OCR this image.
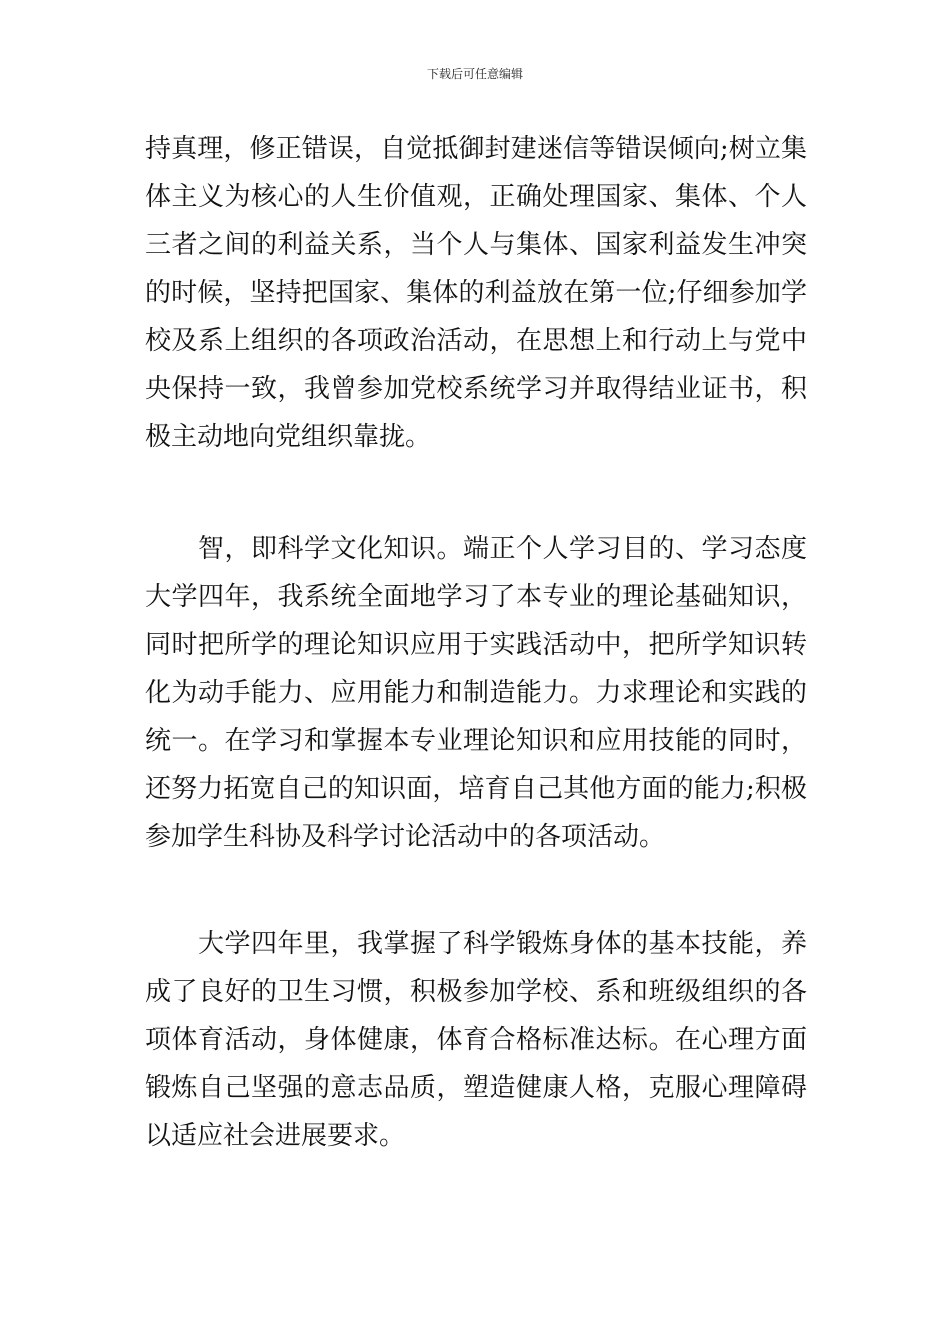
下载后可任意编辑
持真理，修正错误，自觉抵御封建迷信等错误倾向;树立集
体主义为核心的人生价值观，正确处理国家、集体、个人
三者之间的利益关系，当个人与集体、国家利益发生冲突
的时候，坚持把国家、集体的利益放在第一位;仔细参加学
校及系上组织的各项政治活动，在思想上和行动上与党中
央保持一致，我曾参加党校系统学习并取得结业证书，积
极主动地向党组织靠拢。
智，即科学文化知识。端正个人学习目的、学习态度
大学四年，我系统全面地学习了本专业的理论基础知识，
同时把所学的理论知识应用于实践活动中，把所学知识转
化为动手能力、应用能力和制造能力。力求理论和实践的
统一。在学习和掌握本专业理论知识和应用技能的同时，
还努力拓宽自己的知识面，培育自己其他方面的能力;积极
参加学生科协及科学讨论活动中的各项活动。
大学四年里，我掌握了科学锻炼身体的基本技能，养
成了良好的卫生习惯，积极参加学校、系和班级组织的各
项体育活动，身体健康，体育合格标准达标。在心理方面
锻炼自己坚强的意志品质，塑造健康人格，克服心理障碍
以适应社会进展要求。
